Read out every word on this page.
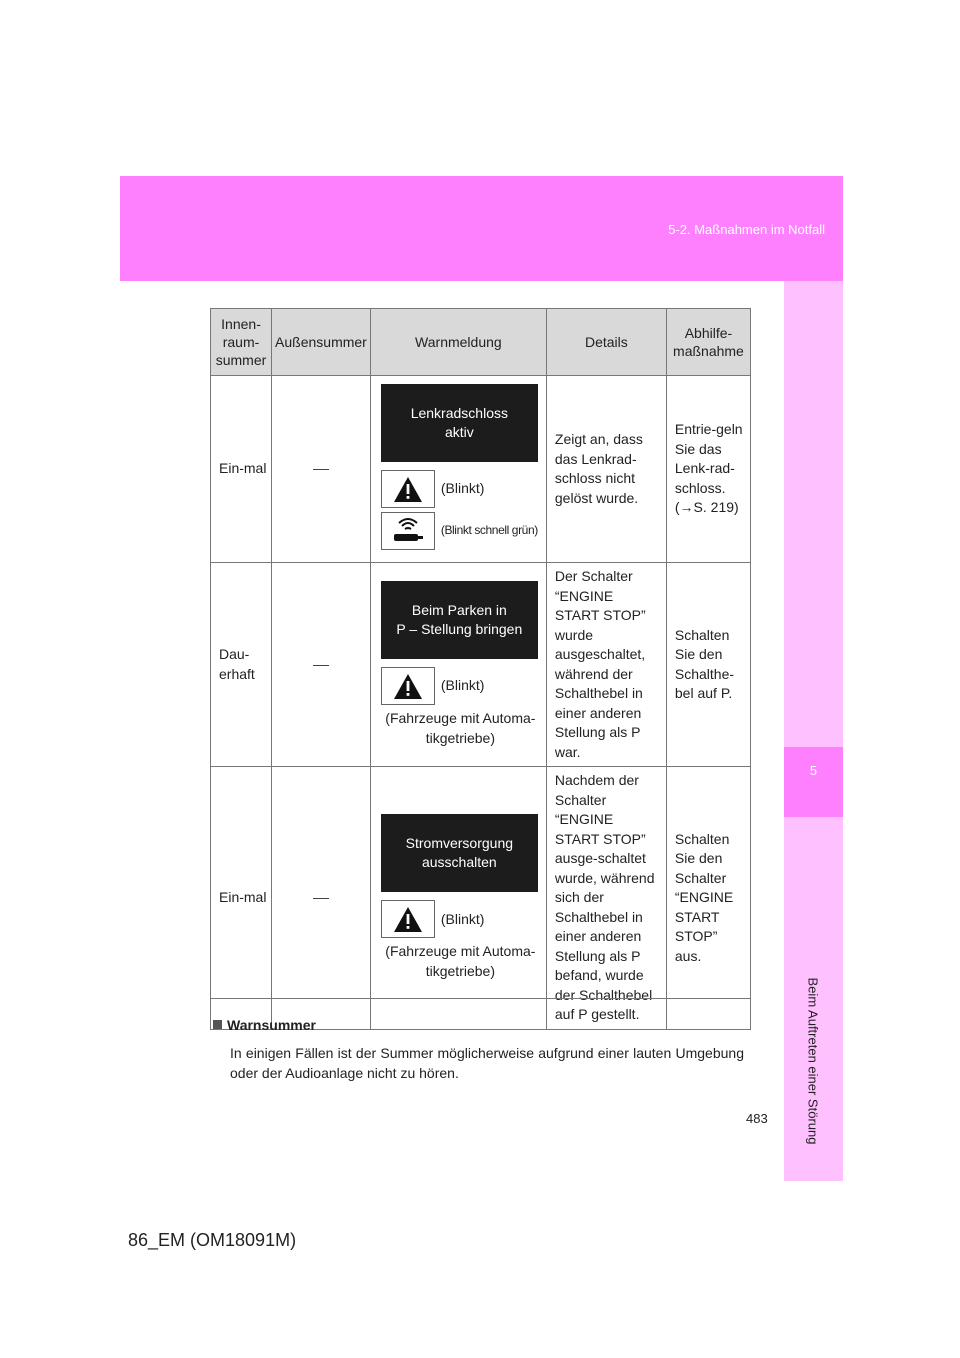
5-2. Maßnahmen im Notfall
5
Beim Auftreten einer Störung
Innen-raum-summer	Außensummer	Warnmeldung	Details	Abhilfe-maßnahme
Ein-mal		Lenkradschloss
aktiv
(Blinkt)
(Blinkt schnell grün)	Zeigt an, dass das Lenkrad-schloss nicht gelöst wurde.	Entrie-geln Sie das Lenk-rad-schloss. (→S. 219)
Dau-erhaft		Beim Parken in
P – Stellung bringen
(Blinkt)
(Fahrzeuge mit Automa-tikgetriebe)	Der Schalter “ENGINE START STOP” wurde ausgeschaltet, während der Schalthebel in einer anderen Stellung als P war.	Schalten Sie den Schalthe-bel auf P.
Ein-mal		Stromversorgung
ausschalten
(Blinkt)
(Fahrzeuge mit Automa-tikgetriebe)	Nachdem der Schalter “ENGINE START STOP” ausge-schaltet wurde, während sich der Schalthebel in einer anderen Stellung als P befand, wurde der Schalthebel auf P gestellt.	Schalten Sie den Schalter “ENGINE START STOP” aus.
Warnsummer
In einigen Fällen ist der Summer möglicherweise aufgrund einer lauten Umgebung oder der Audioanlage nicht zu hören.
483
86_EM (OM18091M)
